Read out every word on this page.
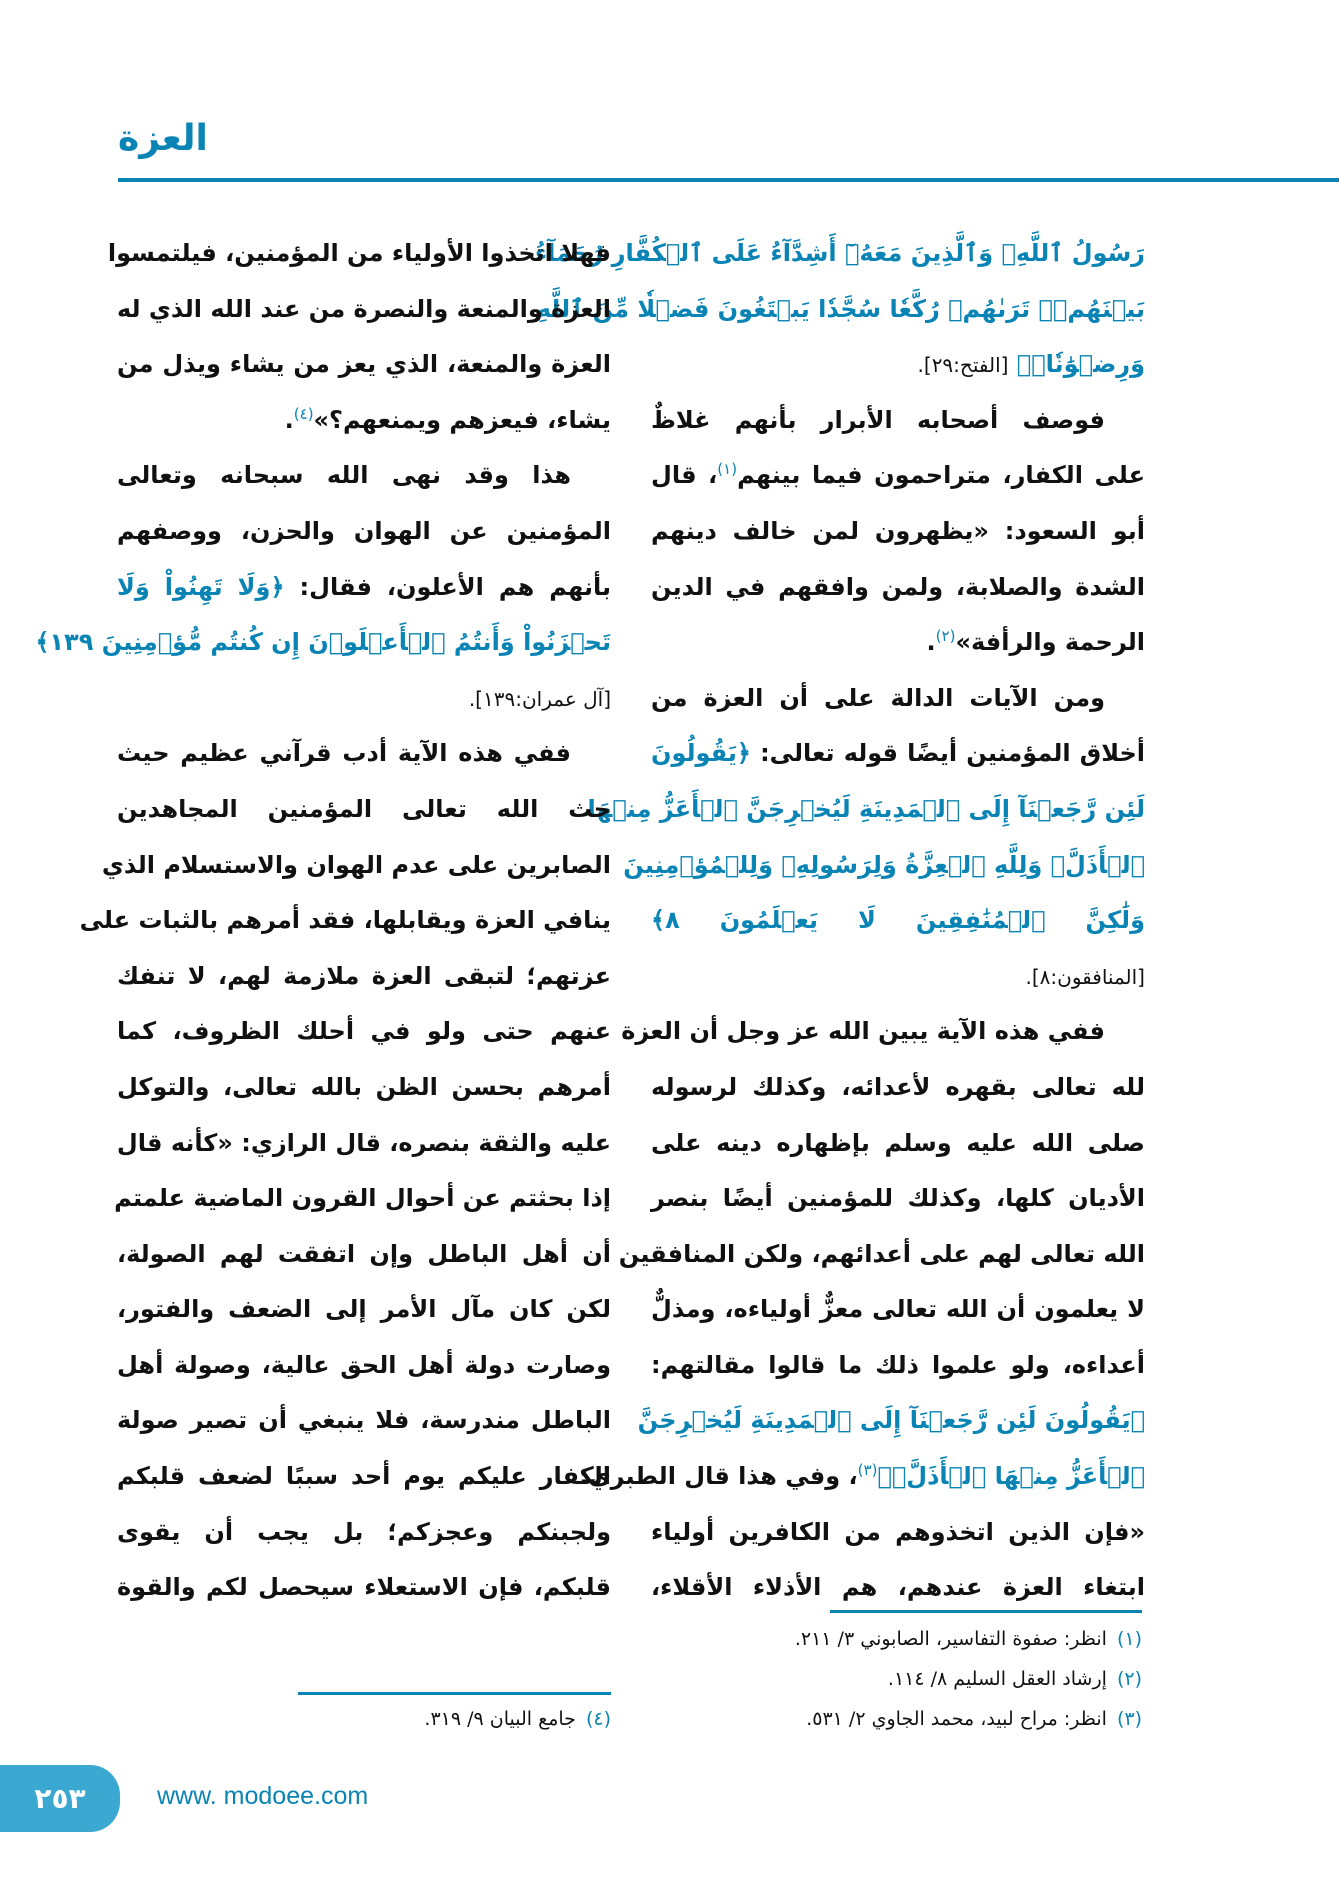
العزة
رَسُولُ ٱللَّهِۚ وَٱلَّذِينَ مَعَهُۥٓ أَشِدَّآءُ عَلَى ٱلۡكُفَّارِ رُحَمَآءُ
بَيۡنَهُمۡۖ تَرَىٰهُمۡ رُكَّعٗا سُجَّدٗا يَبۡتَغُونَ فَضۡلٗا مِّنَ ٱللَّهِ
وَرِضۡوَٰنٗاۖ﴾ [الفتح:٢٩].
فوصف أصحابه الأبرار بأنهم غلاظٌ
على الكفار، متراحمون فيما بينهم$^{(١)}$، قال
أبو السعود: «يظهرون لمن خالف دينهم
الشدة والصلابة، ولمن وافقهم في الدين
الرحمة والرأفة»$^{(٢)}$.
ومن الآيات الدالة على أن العزة من
أخلاق المؤمنين أيضًا قوله تعالى: ﴿يَقُولُونَ
لَئِن رَّجَعۡنَآ إِلَى ٱلۡمَدِينَةِ لَيُخۡرِجَنَّ ٱلۡأَعَزُّ مِنۡهَا
ٱلۡأَذَلَّۚ وَلِلَّهِ ٱلۡعِزَّةُ وَلِرَسُولِهِۦ وَلِلۡمُؤۡمِنِينَ
وَلَٰكِنَّ ٱلۡمُنَٰفِقِينَ لَا يَعۡلَمُونَ ٨﴾
[المنافقون:٨].
ففي هذه الآية يبين الله عز وجل أن العزة
لله تعالى بقهره لأعدائه، وكذلك لرسوله
صلى الله عليه وسلم بإظهاره دينه على
الأديان كلها، وكذلك للمؤمنين أيضًا بنصر
الله تعالى لهم على أعدائهم، ولكن المنافقين
لا يعلمون أن الله تعالى معزٌّ أولياءه، ومذلٌّ
أعداءه، ولو علموا ذلك ما قالوا مقالتهم:
﴿يَقُولُونَ لَئِن رَّجَعۡنَآ إِلَى ٱلۡمَدِينَةِ لَيُخۡرِجَنَّ
ٱلۡأَعَزُّ مِنۡهَا ٱلۡأَذَلَّۚ﴾$^{(٣)}$، وفي هذا قال الطبري:
«فإن الذين اتخذوهم من الكافرين أولياء
ابتغاء العزة عندهم، هم الأذلاء الأقلاء،
فهلا اتخذوا الأولياء من المؤمنين، فيلتمسوا
العزة والمنعة والنصرة من عند الله الذي له
العزة والمنعة، الذي يعز من يشاء ويذل من
يشاء، فيعزهم ويمنعهم؟»$^{(٤)}$.
هذا وقد نهى الله سبحانه وتعالى
المؤمنين عن الهوان والحزن، ووصفهم
بأنهم هم الأعلون، فقال: ﴿وَلَا تَهِنُواْ وَلَا
تَحۡزَنُواْ وَأَنتُمُ ٱلۡأَعۡلَوۡنَ إِن كُنتُم مُّؤۡمِنِينَ ١٣٩﴾
[آل عمران:١٣٩].
ففي هذه الآية أدب قرآني عظيم حيث
حث الله تعالى المؤمنين المجاهدين
الصابرين على عدم الهوان والاستسلام الذي
ينافي العزة ويقابلها، فقد أمرهم بالثبات على
عزتهم؛ لتبقى العزة ملازمة لهم، لا تنفك
عنهم حتى ولو في أحلك الظروف، كما
أمرهم بحسن الظن بالله تعالى، والتوكل
عليه والثقة بنصره، قال الرازي: «كأنه قال
إذا بحثتم عن أحوال القرون الماضية علمتم
أن أهل الباطل وإن اتفقت لهم الصولة،
لكن كان مآل الأمر إلى الضعف والفتور،
وصارت دولة أهل الحق عالية، وصولة أهل
الباطل مندرسة، فلا ينبغي أن تصير صولة
الكفار عليكم يوم أحد سببًا لضعف قلبكم
ولجبنكم وعجزكم؛ بل يجب أن يقوى
قلبكم، فإن الاستعلاء سيحصل لكم والقوة
(١)انظر: صفوة التفاسير، الصابوني ٣/ ٢١١.
(٢)إرشاد العقل السليم ٨/ ١١٤.
(٣)انظر: مراح لبيد، محمد الجاوي ٢/ ٥٣١.
(٤)جامع البيان ٩/ ٣١٩.
٢٥٣	www. modoee.com
